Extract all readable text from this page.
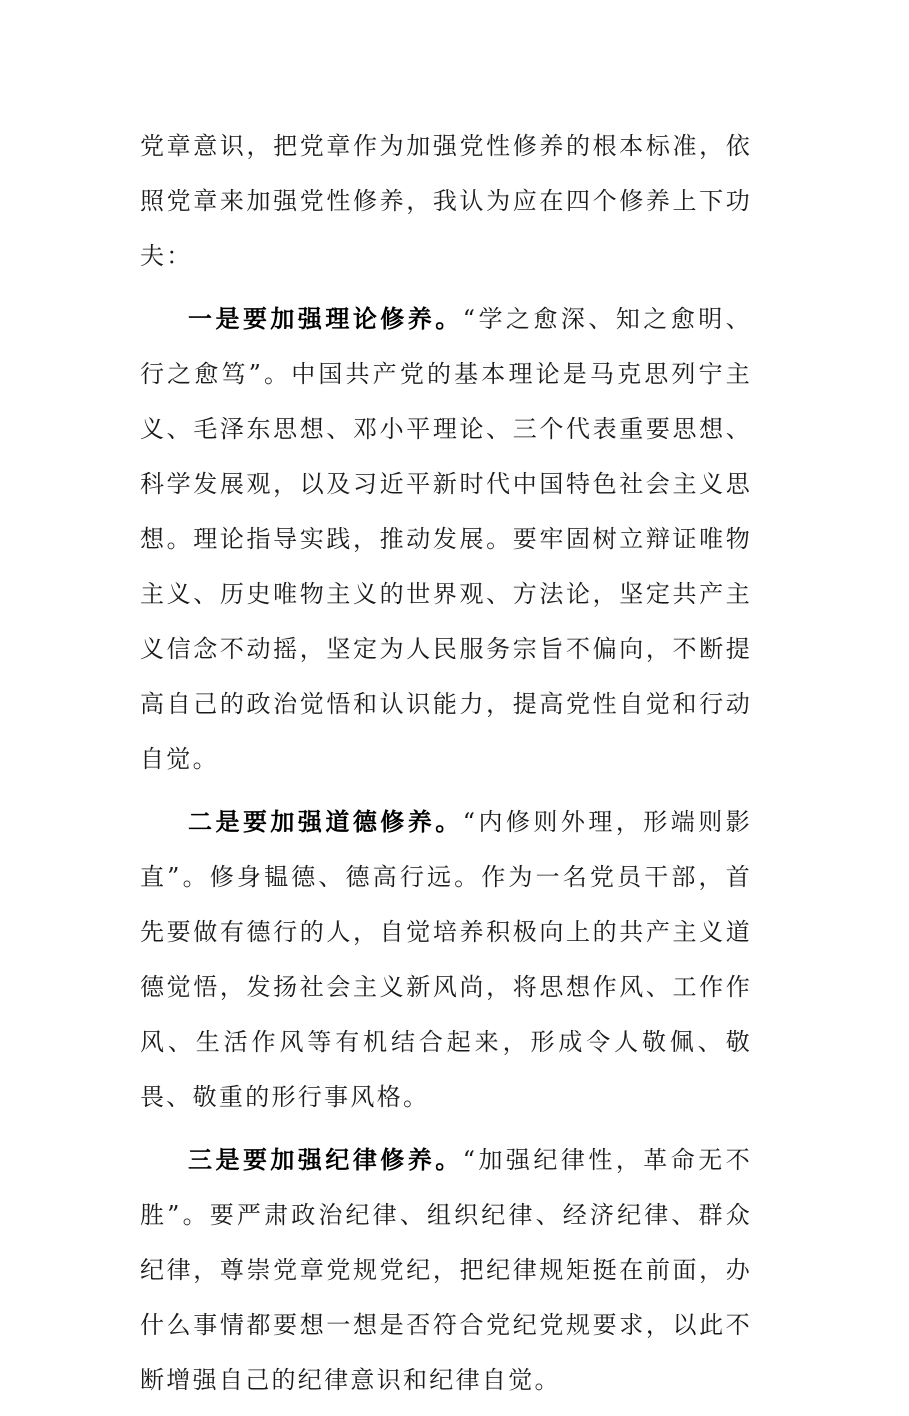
党章意识，把党章作为加强党性修养的根本标准，依照党章来加强党性修养，我认为应在四个修养上下功夫：

一是要加强理论修养。“学之愈深、知之愈明、行之愈笃”。中国共产党的基本理论是马克思列宁主义、毛泽东思想、邓小平理论、三个代表重要思想、科学发展观，以及习近平新时代中国特色社会主义思想。理论指导实践，推动发展。要牢固树立辩证唯物主义、历史唯物主义的世界观、方法论，坚定共产主义信念不动摇，坚定为人民服务宗旨不偏向，不断提高自己的政治觉悟和认识能力，提高党性自觉和行动自觉。

二是要加强道德修养。“内修则外理，形端则影直”。修身韫德、德高行远。作为一名党员干部，首先要做有德行的人，自觉培养积极向上的共产主义道德觉悟，发扬社会主义新风尚，将思想作风、工作作风、生活作风等有机结合起来，形成令人敬佩、敬畏、敬重的形行事风格。

三是要加强纪律修养。“加强纪律性，革命无不胜”。要严肃政治纪律、组织纪律、经济纪律、群众纪律，尊崇党章党规党纪，把纪律规矩挺在前面，办什么事情都要想一想是否符合党纪党规要求，以此不断增强自己的纪律意识和纪律自觉。
